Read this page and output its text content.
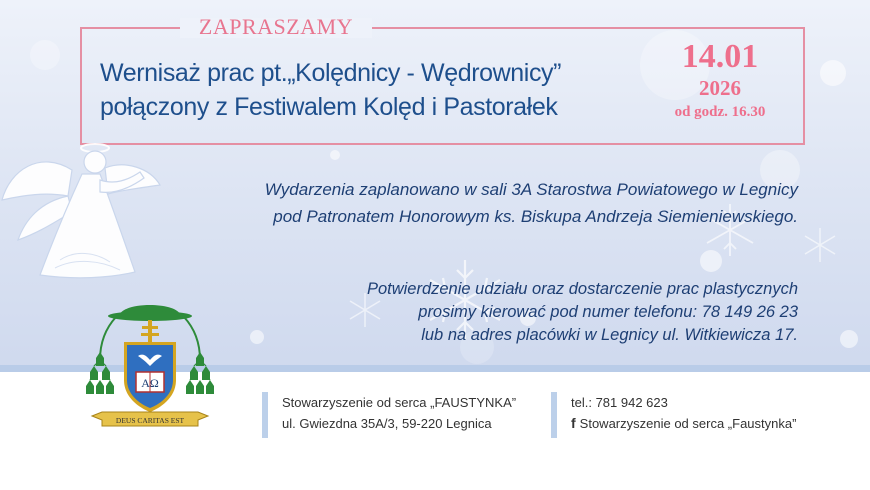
ZAPRASZAMY
Wernisaż prac pt.„Kolędnicy - Wędrownicy”
połączony z Festiwalem Kolęd i Pastorałek
14.01
2026
od godz. 16.30
Wydarzenia zaplanowano w sali 3A Starostwa Powiatowego w Legnicy
pod Patronatem Honorowym ks. Biskupa Andrzeja Siemieniewskiego.
Potwierdzenie udziału oraz dostarczenie prac plastycznych
prosimy kierować pod numer telefonu: 78 149 26 23
lub na adres placówki w Legnicy ul. Witkiewicza 17.
AΩ
DEUS CARITAS EST
Stowarzyszenie od serca „FAUSTYNKA”
ul. Gwiezdna 35A/3, 59-220 Legnica
tel.: 781 942 623
f Stowarzyszenie od serca „Faustynka”
